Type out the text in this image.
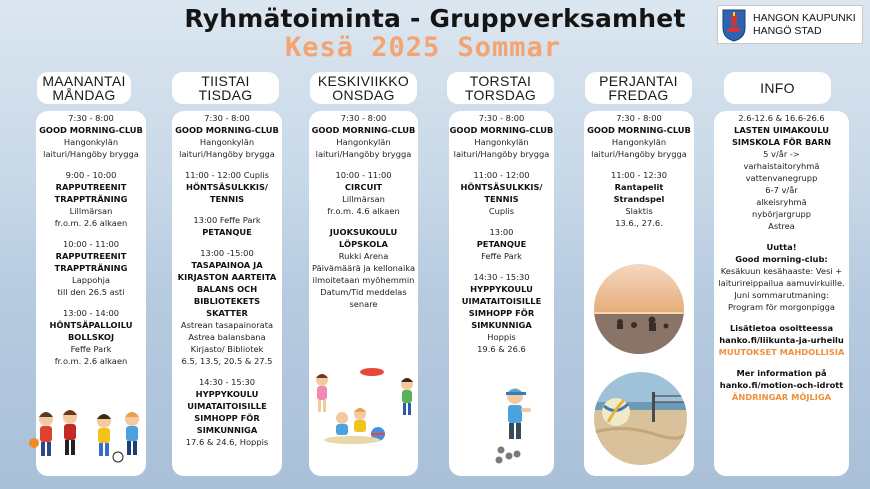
Ryhmätoiminta - Gruppverksamhet
Kesä 2025 Sommar
HANGON KAUPUNKI
HANGÖ STAD
MAANANTAI
MÅNDAG
TIISTAI
TISDAG
KESKIVIIKKO
ONSDAG
TORSTAI
TORSDAG
PERJANTAI
FREDAG	INFO
7:30 - 8:00
GOOD MORNING-CLUB
Hangonkylän
laituri/Hangöby brygga
9:00 - 10:00
RAPPUTREENIT
TRAPPTRÄNING
Lillmärsan
fr.o.m. 2.6 alkaen
10:00 - 11:00
RAPPUTREENIT
TRAPPTRÄNING
Lappohja
till den 26.5 asti
13:00 - 14:00
HÖNTSÄPALLOILU
BOLLSKOJ
Feffe Park
fr.o.m. 2.6 alkaen
7:30 - 8:00
GOOD MORNING-CLUB
Hangonkylän
laituri/Hangöby brygga
11:00 - 12:00 Cuplis
HÖNTSÄSULKKIS/
TENNIS
13:00 Feffe Park
PETANQUE
13:00 -15:00
TASAPAINOA JA
KIRJASTON AARTEITA
BALANS OCH
BIBLIOTEKETS SKATTER
Astrean tasapainorata
Astrea balansbana
Kirjasto/ Bibliotek
6.5, 13.5, 20.5 & 27.5
14:30 - 15:30
HYPPYKOULU
UIMATAITOISILLE
SIMHOPP FÖR
SIMKUNNIGA
17.6 & 24.6, Hoppis
7:30 - 8:00
GOOD MORNING-CLUB
Hangonkylän
laituri/Hangöby brygga
10:00 - 11:00
CIRCUIT
Lillmärsan
fr.o.m. 4.6 alkaen
JUOKSUKOULU
LÖPSKOLA
Rukki Arena
Päivämäärä ja kellonaika
ilmoitetaan myöhemmin
Datum/Tid meddelas
senare
7:30 - 8:00
GOOD MORNING-CLUB
Hangonkylän
laituri/Hangöby brygga
11:00 - 12:00
HÖNTSÄSULKKIS/
TENNIS
Cuplis
13:00
PETANQUE
Feffe Park
14:30 - 15:30
HYPPYKOULU
UIMATAITOISILLE
SIMHOPP FÖR
SIMKUNNIGA
Hoppis
19.6 & 26.6
7:30 - 8:00
GOOD MORNING-CLUB
Hangonkylän
laituri/Hangöby brygga
11:00 - 12:30
Rantapelit
Strandspel
Slaktis
13.6., 27.6.
2.6-12.6 & 16.6-26.6
LASTEN UIMAKOULU
SIMSKOLA FÖR BARN
5 v/år ->
varhaistaitoryhmä
vattenvanegrupp
6-7 v/år
alkeisryhmä
nybörjargrupp
Astrea
Uutta!
Good morning-club:
Kesäkuun kesähaaste: Vesi +
laiturireippailua aamuvirkuille.
Juni sommarutmaning:
Program för morgonpigga
Lisätietoa osoitteessa
hanko.fi/liikunta-ja-urheilu
MUUTOKSET MAHDOLLISIA
Mer information på
hanko.fi/motion-och-idrott
ÄNDRINGAR MÖJLIGA
